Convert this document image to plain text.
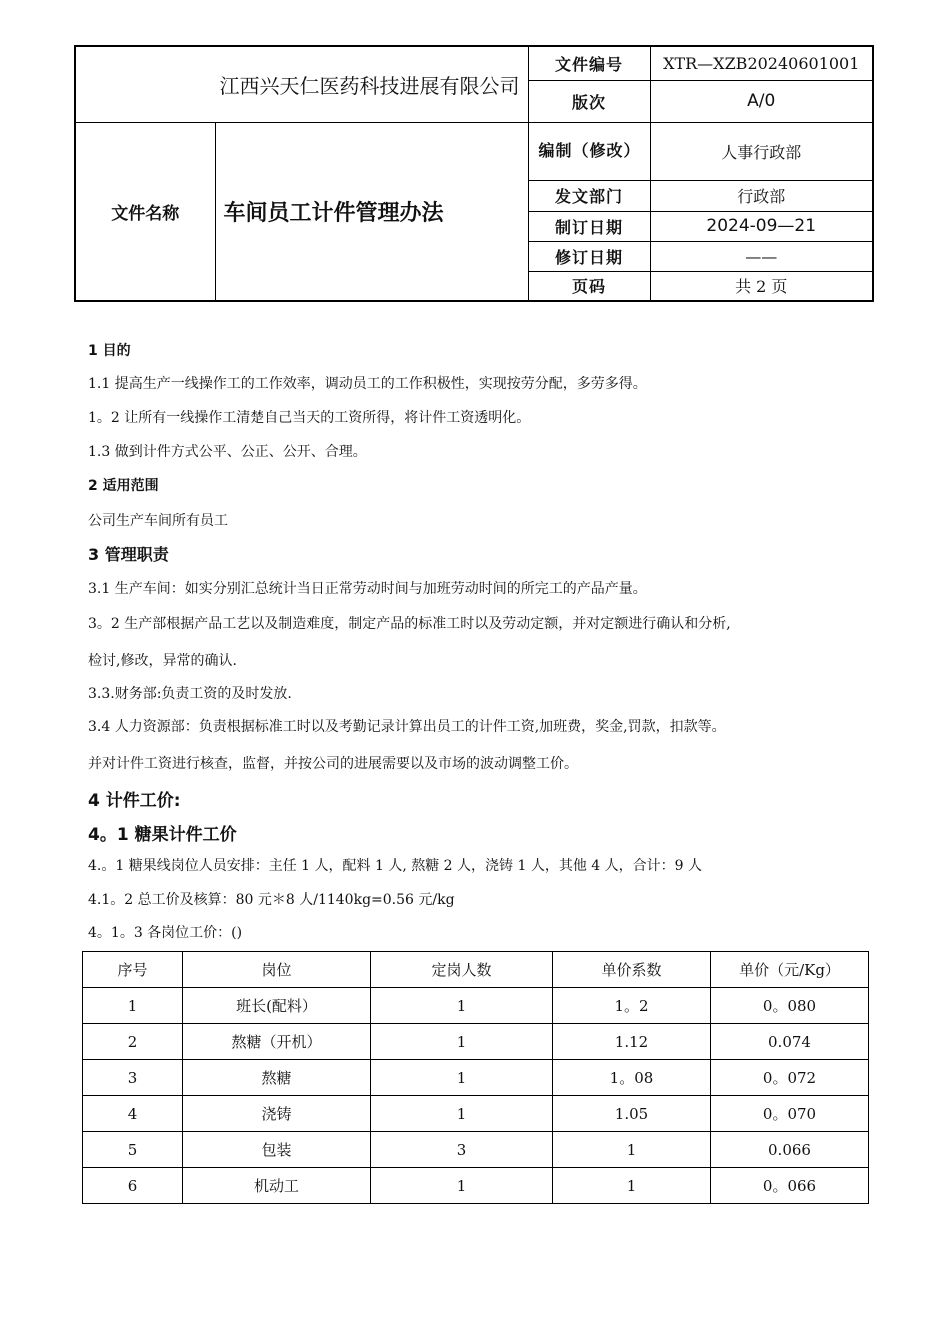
江西兴天仁医药科技进展有限公司		文件编号	XTR—XZB20240601001
		版次	A/0
文件名称	车间员工计件管理办法	编制（修改）	人事行政部
		发文部门	行政部
		制订日期	2024-09—21
		修订日期	——
		页码	共 2 页
1 目的
1.1 提高生产一线操作工的工作效率，调动员工的工作积极性，实现按劳分配，多劳多得。
1。2 让所有一线操作工清楚自己当天的工资所得，将计件工资透明化。
1.3 做到计件方式公平、公正、公开、合理。
2 适用范围
公司生产车间所有员工
3 管理职责
3.1 生产车间：如实分别汇总统计当日正常劳动时间与加班劳动时间的所完工的产品产量。
3。2 生产部根据产品工艺以及制造难度，制定产品的标准工时以及劳动定额，并对定额进行确认和分析,
检讨,修改，异常的确认.
3.3.财务部:负责工资的及时发放.
3.4 人力资源部：负责根据标准工时以及考勤记录计算出员工的计件工资,加班费，奖金,罚款，扣款等。
并对计件工资进行核查，监督，并按公司的进展需要以及市场的波动调整工价。
4 计件工价:
4。1 糖果计件工价
4.。1 糖果线岗位人员安排：主任 1 人，配料 1 人, 熬糖 2 人，浇铸 1 人，其他 4 人，合计：9 人
4.1。2 总工价及核算：80 元＊8 人/1140kg=0.56 元/kg
4。1。3 各岗位工价：()
序号	岗位	定岗人数	单价系数	单价（元/Kg）
1	班长(配料）	1	1。2	0。080
2	熬糖（开机）	1	1.12	0.074
3	熬糖	1	1。08	0。072
4	浇铸	1	1.05	0。070
5	包装	3	1	0.066
6	机动工	1	1	0。066
